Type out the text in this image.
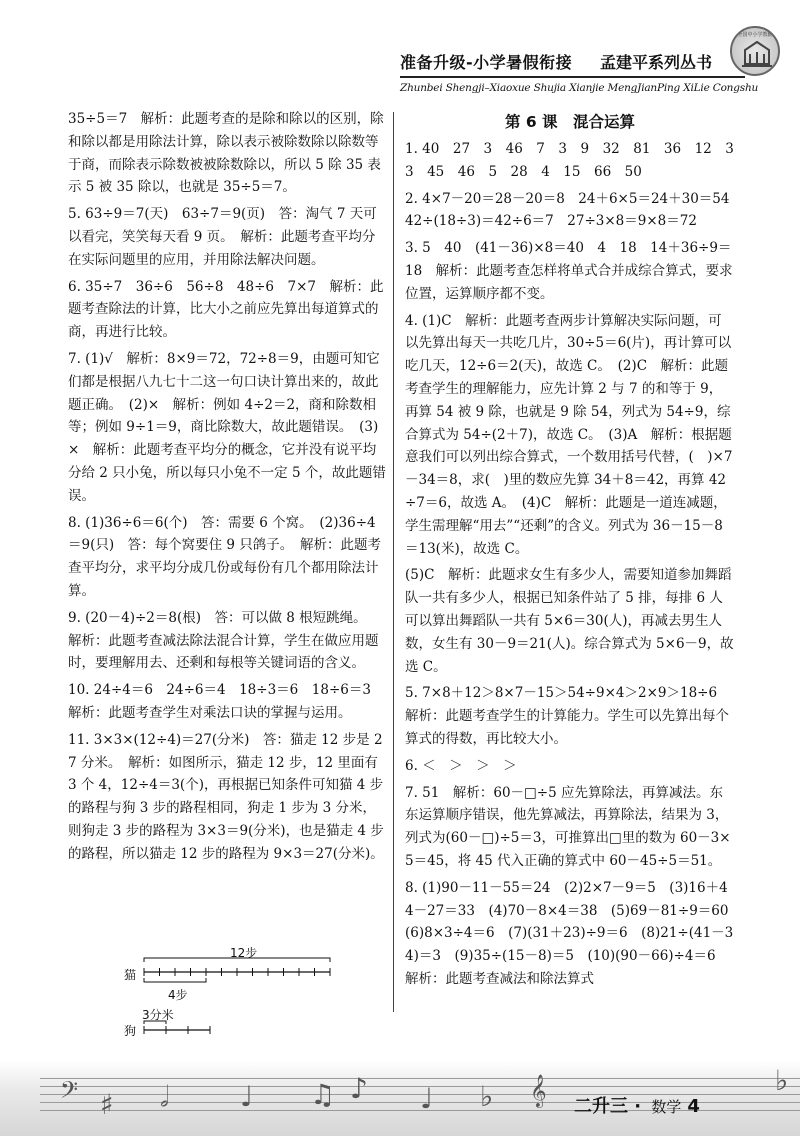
准备升级-小学暑假衔接 孟建平系列丛书
Zhunbei Shengji–Xiaoxue Shujia Xianjie MengJianPing XiLie Congshu
全国中小学教辅

35÷5＝7　解析：此题考查的是除和除以的区别，除和除以都是用除法计算，除以表示被除数除以除数等于商，而除表示除数被被除数除以，所以 5 除 35 表示 5 被 35 除以，也就是 35÷5＝7。

5. 63÷9＝7(天)　63÷7＝9(页)　答：淘气 7 天可以看完，笑笑每天看 9 页。　解析：此题考查平均分在实际问题里的应用，并用除法解决问题。

6. 35÷7　36÷6　56÷8　48÷6　7×7　解析：此题考查除法的计算，比大小之前应先算出每道算式的商，再进行比较。

7. (1)√　解析：8×9＝72，72÷8＝9，由题可知它们都是根据八九七十二这一句口诀计算出来的，故此题正确。　(2)×　解析：例如 4÷2＝2，商和除数相等；例如 9÷1＝9，商比除数大，故此题错误。　(3)×　解析：此题考查平均分的概念，它并没有说平均分给 2 只小兔，所以每只小兔不一定 5 个，故此题错误。

8. (1)36÷6＝6(个)　答：需要 6 个窝。　(2)36÷4＝9(只)　答：每个窝要住 9 只鸽子。　解析：此题考查平均分，求平均分成几份或每份有几个都用除法计算。

9. (20－4)÷2＝8(根)　答：可以做 8 根短跳绳。　解析：此题考查减法除法混合计算，学生在做应用题时，要理解用去、还剩和每根等关键词语的含义。

10. 24÷4＝6　24÷6＝4　18÷3＝6　18÷6＝3　解析：此题考查学生对乘法口诀的掌握与运用。

11. 3×3×(12÷4)＝27(分米)　答：猫走 12 步是 27 分米。　解析：如图所示，猫走 12 步，12 里面有 3 个 4，12÷4＝3(个)，再根据已知条件可知猫 4 步的路程与狗 3 步的路程相同，狗走 1 步为 3 分米，则狗走 3 步的路程为 3×3＝9(分米)，也是猫走 4 步的路程，所以猫走 12 步的路程为 9×3＝27(分米)。

12步
猫
4步
3分米
狗
第 6 课　混合运算

1. 40　27　3　46　7　3　9　32　81　36　12　33　45　46　5　28　4　15　66　50

2. 4×7－20＝28－20＝8　24＋6×5＝24＋30＝54　42÷(18÷3)＝42÷6＝7　27÷3×8＝9×8＝72

3. 5　40　(41－36)×8＝40　4　18　14＋36÷9＝18　解析：此题考查怎样将单式合并成综合算式，要求位置，运算顺序都不变。

4. (1)C　解析：此题考查两步计算解决实际问题，可以先算出每天一共吃几片，30÷5＝6(片)，再计算可以吃几天，12÷6＝2(天)，故选 C。　(2)C　解析：此题考查学生的理解能力，应先计算 2 与 7 的和等于 9，再算 54 被 9 除，也就是 9 除 54，列式为 54÷9，综合算式为 54÷(2＋7)，故选 C。　(3)A　解析：根据题意我们可以列出综合算式，一个数用括号代替，(　)×7－34＝8，求(　)里的数应先算 34＋8＝42，再算 42÷7＝6，故选 A。　(4)C　解析：此题是一道连减题，学生需理解“用去”“还剩”的含义。列式为 36－15－8＝13(米)，故选 C。

(5)C　解析：此题求女生有多少人，需要知道参加舞蹈队一共有多少人，根据已知条件站了 5 排，每排 6 人可以算出舞蹈队一共有 5×6＝30(人)，再减去男生人数，女生有 30－9＝21(人)。综合算式为 5×6－9，故选 C。

5. 7×8＋12＞8×7－15＞54÷9×4＞2×9＞18÷6　解析：此题考查学生的计算能力。学生可以先算出每个算式的得数，再比较大小。

6. ＜　＞　＞　＞

7. 51　解析：60－□÷5 应先算除法，再算减法。东东运算顺序错误，他先算减法，再算除法，结果为 3，列式为(60－□)÷5＝3，可推算出□里的数为 60－3×5＝45，将 45 代入正确的算式中 60－45÷5＝51。

8. (1)90－11－55＝24　(2)2×7－9＝5　(3)16＋44－27＝33　(4)70－8×4＝38　(5)69－81÷9＝60　(6)8×3÷4＝6　(7)(31＋23)÷9＝6　(8)21÷(41－34)＝3　(9)35÷(15－8)＝5　(10)(90－66)÷4＝6　解析：此题考查减法和除法算式

𝄢 ♯ 𝅗𝅥	♩ ♫ ♪ ♩ ♭ 𝄞	♭
二升三 · 数学 4
